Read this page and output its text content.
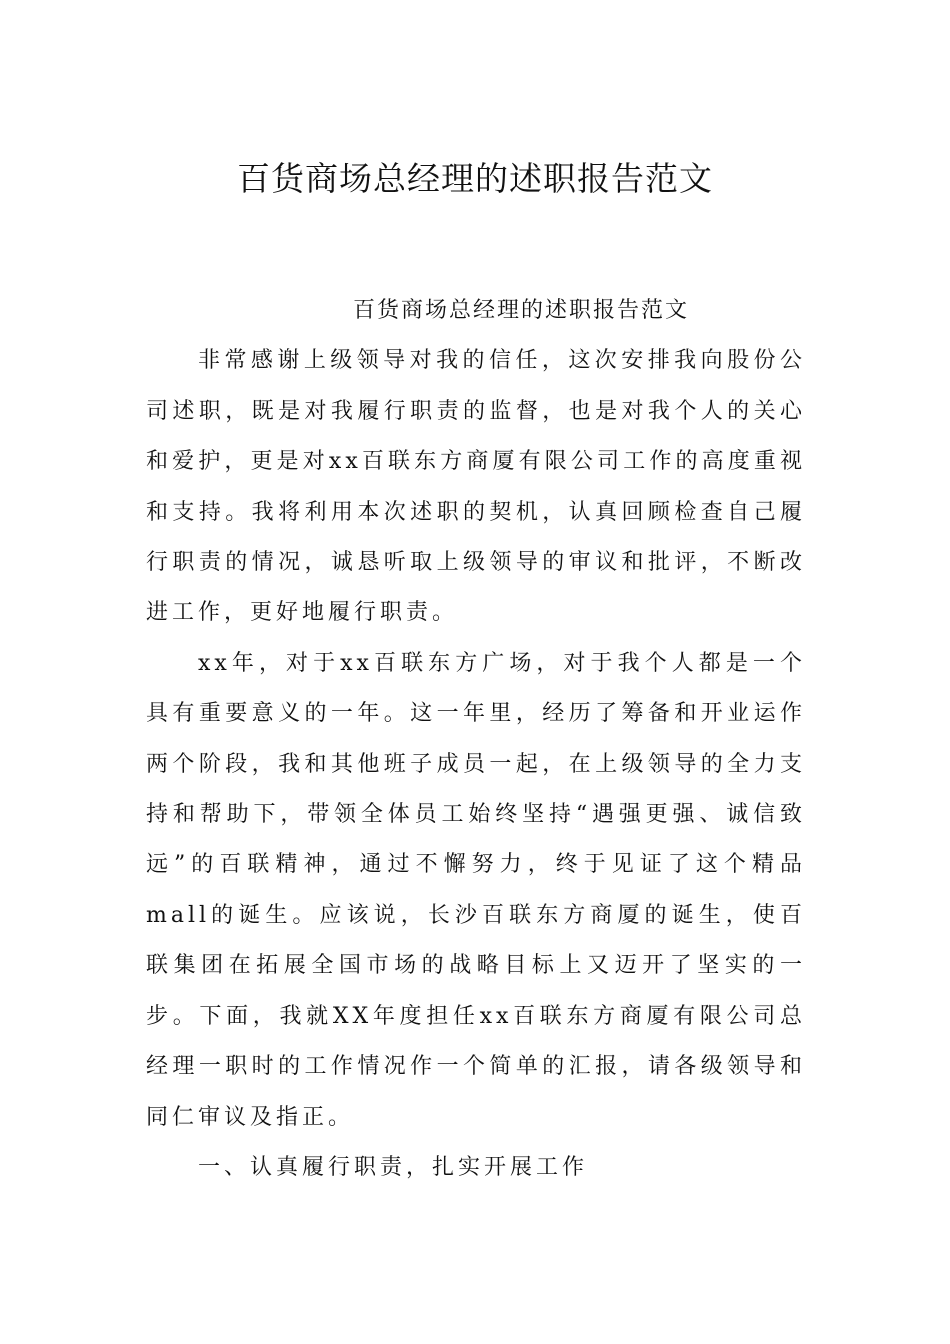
百货商场总经理的述职报告范文

百货商场总经理的述职报告范文

非常感谢上级领导对我的信任，这次安排我向股份公司述职，既是对我履行职责的监督，也是对我个人的关心和爱护，更是对xx百联东方商厦有限公司工作的高度重视和支持。我将利用本次述职的契机，认真回顾检查自己履行职责的情况，诚恳听取上级领导的审议和批评，不断改进工作，更好地履行职责。

xx年，对于xx百联东方广场，对于我个人都是一个具有重要意义的一年。这一年里，经历了筹备和开业运作两个阶段，我和其他班子成员一起，在上级领导的全力支持和帮助下，带领全体员工始终坚持“遇强更强、诚信致远”的百联精神，通过不懈努力，终于见证了这个精品mall的诞生。应该说，长沙百联东方商厦的诞生，使百联集团在拓展全国市场的战略目标上又迈开了坚实的一步。下面，我就XX年度担任xx百联东方商厦有限公司总经理一职时的工作情况作一个简单的汇报，请各级领导和同仁审议及指正。

一、认真履行职责，扎实开展工作
